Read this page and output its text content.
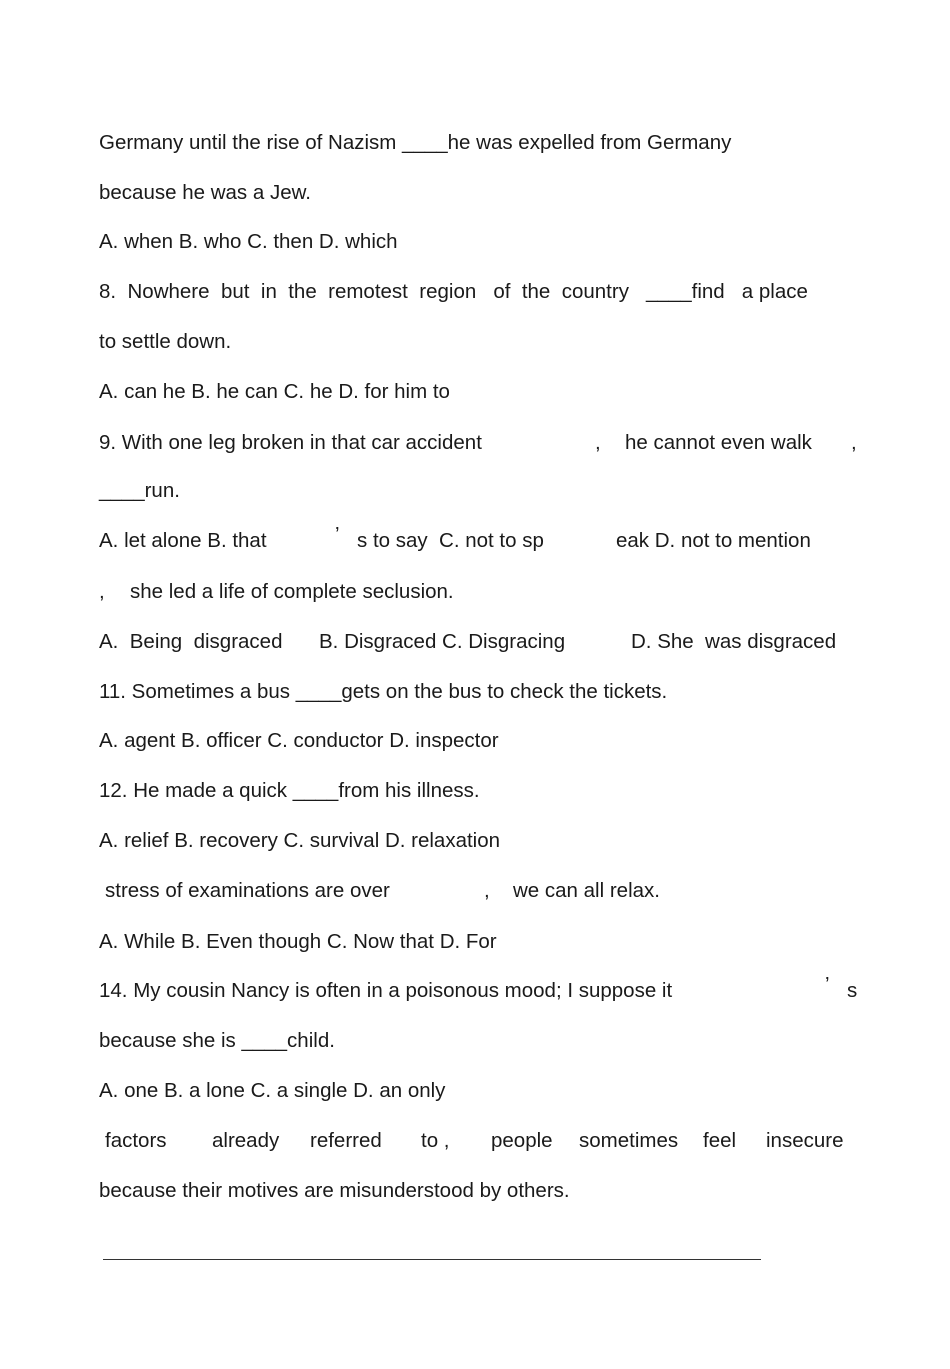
Germany until the rise of Nazism ____he was expelled from Germany

because he was a Jew.

A. when B. who C. then D. which

8.  Nowhere

but  in  the  remotest  region   of  the  country   ____find   a place

to settle down.

A. can he B. he can C. he D. for him to

9. With one leg broken in that car accident

	,

he cannot even walk

,

____run.

A. let alone B. that

	’

s to say  C. not to sp

	eak D. not to mention

,

she led a life of complete seclusion.

A.  Being  disgraced

B. Disgraced C. Disgracing

	D. She  was disgraced

11. Sometimes a bus ____gets on the bus to check the tickets.

A. agent B. officer C. conductor D. inspector

12. He made a quick ____from his illness.

A. relief B. recovery C. survival D. relaxation

stress of examinations are over

	,

we can all relax.

A. While B. Even though C. Now that D. For

14. My cousin Nancy is often in a poisonous mood; I suppose it

	’

s

because she is ____child.

A. one B. a lone C. a single D. an only

factors

already

referred

to ,

people

sometimes

feel

insecure

because their motives are misunderstood by others.
